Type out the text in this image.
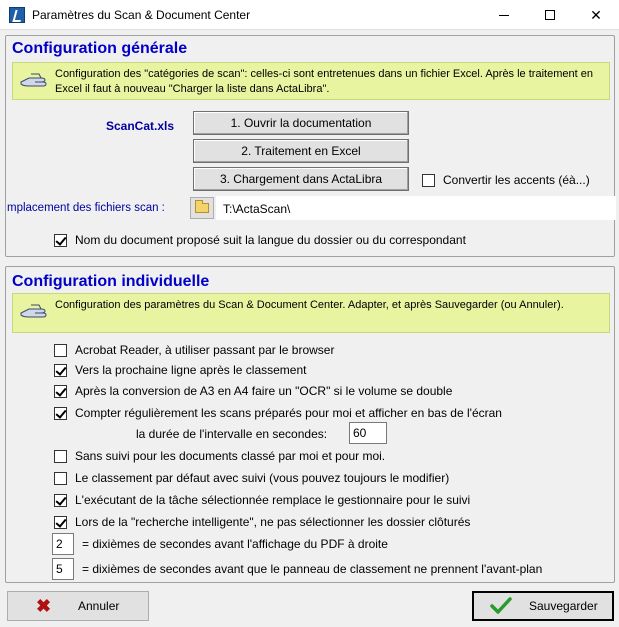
Paramètres du Scan & Document Center	✕
Configuration générale
Configuration des "catégories de scan": celles-ci sont entretenues dans un fichier Excel. Après le traitement en Excel il faut à nouveau "Charger la liste dans ActaLibra".
ScanCat.xls	1. Ouvrir la documentation
2. Traitement en Excel
3. Chargement dans ActaLibra	Convertir les accents (éà...)
mplacement des fichiers scan :
Nom du document proposé suit la langue du dossier ou du correspondant
T:\ActaScan\
Configuration individuelle
Configuration des paramètres du Scan & Document Center. Adapter, et après Sauvegarder (ou Annuler).
Acrobat Reader, à utiliser passant par le browser
Vers la prochaine ligne après le classement
Après la conversion de A3 en A4 faire un "OCR" si le volume se double
Compter régulièrement les scans préparés pour moi et afficher en bas de l'écran
la durée de l'intervalle en secondes:	60
Sans suivi pour les documents classé par moi et pour moi.
Le classement par défaut avec suivi (vous pouvez toujours le modifier)
L'exécutant de la tâche sélectionnée remplace le gestionnaire pour le suivi
Lors de la "recherche intelligente", ne pas sélectionner les dossier clôturés
2	= dixièmes de secondes avant l'affichage du PDF à droite
5	= dixièmes de secondes avant que le panneau de classement ne prennent l'avant-plan
✖ Annuler	Sauvegarder
